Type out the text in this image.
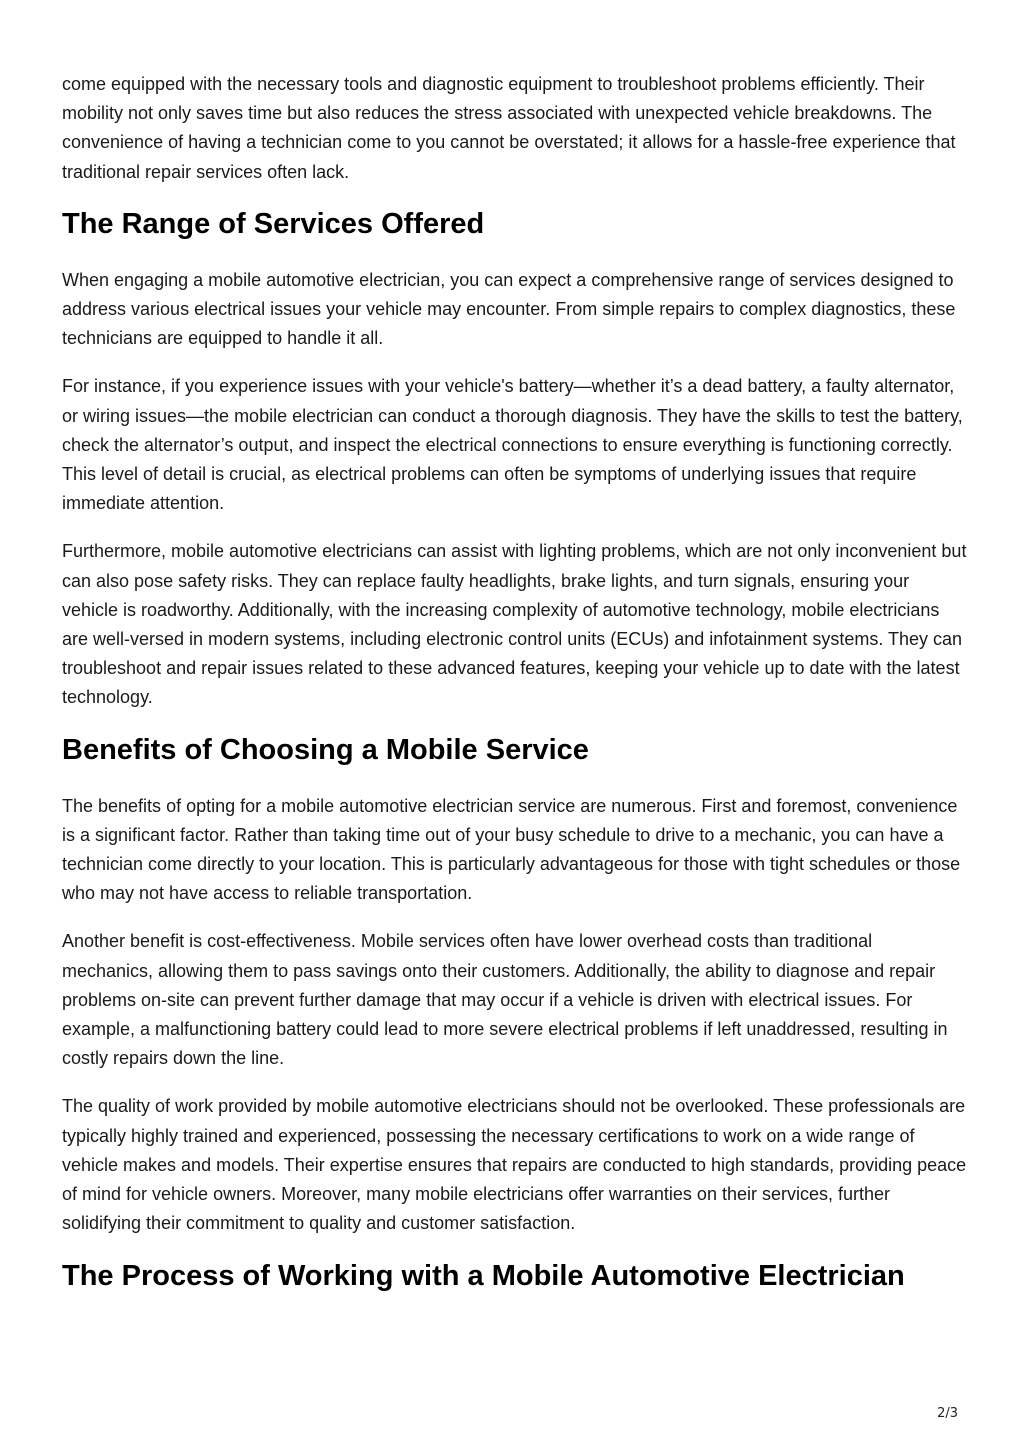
come equipped with the necessary tools and diagnostic equipment to troubleshoot problems efficiently. Their mobility not only saves time but also reduces the stress associated with unexpected vehicle breakdowns. The convenience of having a technician come to you cannot be overstated; it allows for a hassle-free experience that traditional repair services often lack.

The Range of Services Offered

When engaging a mobile automotive electrician, you can expect a comprehensive range of services designed to address various electrical issues your vehicle may encounter. From simple repairs to complex diagnostics, these technicians are equipped to handle it all.

For instance, if you experience issues with your vehicle's battery—whether it’s a dead battery, a faulty alternator, or wiring issues—the mobile electrician can conduct a thorough diagnosis. They have the skills to test the battery, check the alternator’s output, and inspect the electrical connections to ensure everything is functioning correctly. This level of detail is crucial, as electrical problems can often be symptoms of underlying issues that require immediate attention.

Furthermore, mobile automotive electricians can assist with lighting problems, which are not only inconvenient but can also pose safety risks. They can replace faulty headlights, brake lights, and turn signals, ensuring your vehicle is roadworthy. Additionally, with the increasing complexity of automotive technology, mobile electricians are well-versed in modern systems, including electronic control units (ECUs) and infotainment systems. They can troubleshoot and repair issues related to these advanced features, keeping your vehicle up to date with the latest technology.

Benefits of Choosing a Mobile Service

The benefits of opting for a mobile automotive electrician service are numerous. First and foremost, convenience is a significant factor. Rather than taking time out of your busy schedule to drive to a mechanic, you can have a technician come directly to your location. This is particularly advantageous for those with tight schedules or those who may not have access to reliable transportation.

Another benefit is cost-effectiveness. Mobile services often have lower overhead costs than traditional mechanics, allowing them to pass savings onto their customers. Additionally, the ability to diagnose and repair problems on-site can prevent further damage that may occur if a vehicle is driven with electrical issues. For example, a malfunctioning battery could lead to more severe electrical problems if left unaddressed, resulting in costly repairs down the line.

The quality of work provided by mobile automotive electricians should not be overlooked. These professionals are typically highly trained and experienced, possessing the necessary certifications to work on a wide range of vehicle makes and models. Their expertise ensures that repairs are conducted to high standards, providing peace of mind for vehicle owners. Moreover, many mobile electricians offer warranties on their services, further solidifying their commitment to quality and customer satisfaction.

The Process of Working with a Mobile Automotive Electrician
2/3
